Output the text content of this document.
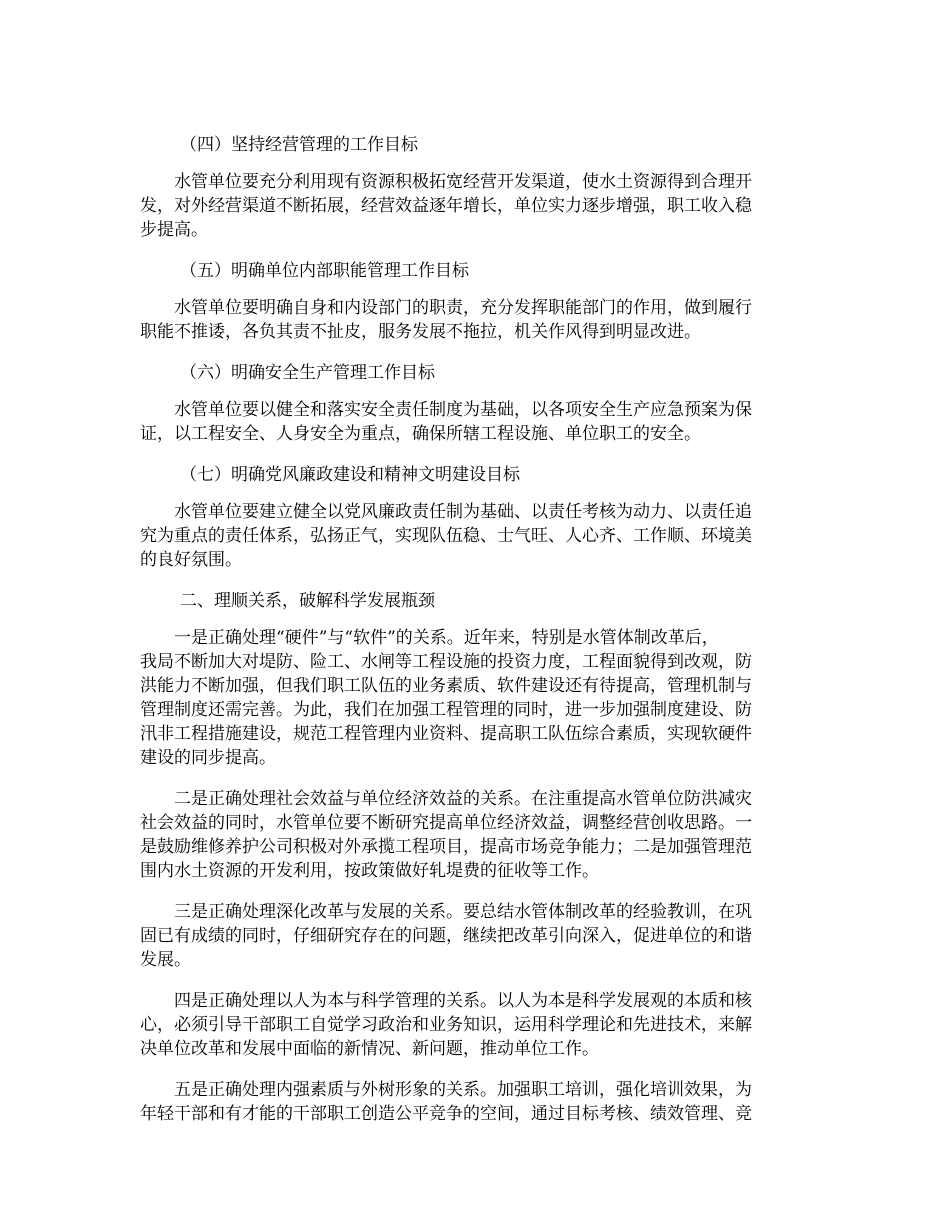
（四）坚持经营管理的工作目标
水管单位要充分利用现有资源积极拓宽经营开发渠道，使水土资源得到合理开
发，对外经营渠道不断拓展，经营效益逐年增长，单位实力逐步增强，职工收入稳
步提高。
（五）明确单位内部职能管理工作目标
水管单位要明确自身和内设部门的职责，充分发挥职能部门的作用，做到履行
职能不推诿，各负其责不扯皮，服务发展不拖拉，机关作风得到明显改进。
（六）明确安全生产管理工作目标
水管单位要以健全和落实安全责任制度为基础，以各项安全生产应急预案为保
证，以工程安全、人身安全为重点，确保所辖工程设施、单位职工的安全。
（七）明确党风廉政建设和精神文明建设目标
水管单位要建立健全以党风廉政责任制为基础、以责任考核为动力、以责任追
究为重点的责任体系，弘扬正气，实现队伍稳、士气旺、人心齐、工作顺、环境美
的良好氛围。
二、理顺关系，破解科学发展瓶颈
一是正确处理“硬件”与“软件”的关系。近年来，特别是水管体制改革后，
我局不断加大对堤防、险工、水闸等工程设施的投资力度，工程面貌得到改观，防
洪能力不断加强，但我们职工队伍的业务素质、软件建设还有待提高，管理机制与
管理制度还需完善。为此，我们在加强工程管理的同时，进一步加强制度建设、防
汛非工程措施建设，规范工程管理内业资料、提高职工队伍综合素质，实现软硬件
建设的同步提高。
二是正确处理社会效益与单位经济效益的关系。在注重提高水管单位防洪减灾
社会效益的同时，水管单位要不断研究提高单位经济效益，调整经营创收思路。一
是鼓励维修养护公司积极对外承揽工程项目，提高市场竞争能力；二是加强管理范
围内水土资源的开发利用，按政策做好轧堤费的征收等工作。
三是正确处理深化改革与发展的关系。要总结水管体制改革的经验教训，在巩
固已有成绩的同时，仔细研究存在的问题，继续把改革引向深入，促进单位的和谐
发展。
四是正确处理以人为本与科学管理的关系。以人为本是科学发展观的本质和核
心，必须引导干部职工自觉学习政治和业务知识，运用科学理论和先进技术，来解
决单位改革和发展中面临的新情况、新问题，推动单位工作。
五是正确处理内强素质与外树形象的关系。加强职工培训，强化培训效果，为
年轻干部和有才能的干部职工创造公平竞争的空间，通过目标考核、绩效管理、竞
